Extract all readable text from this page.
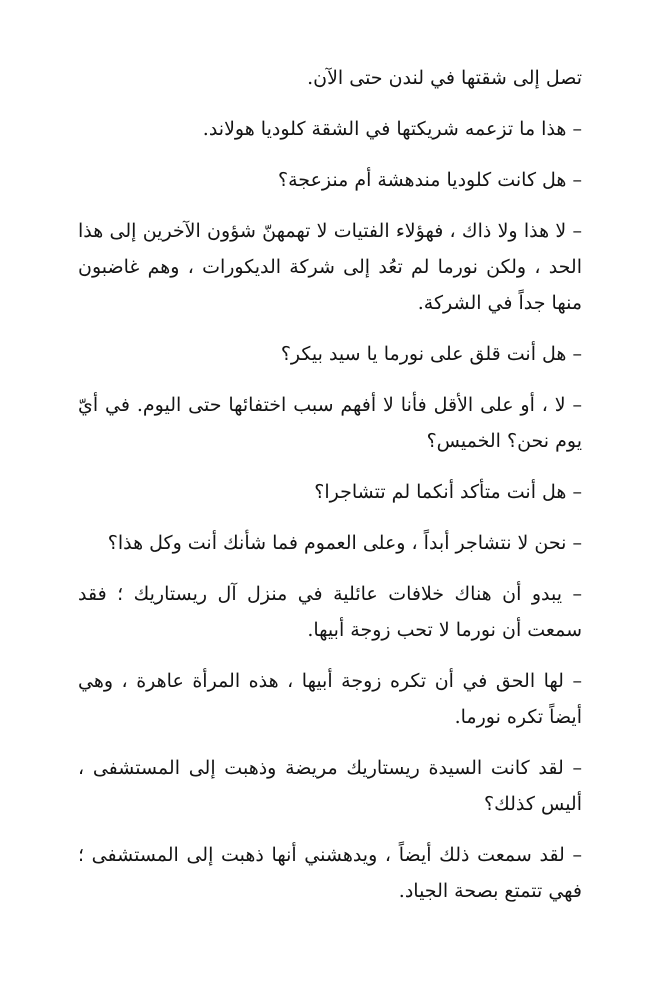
تصل إلى شقتها في لندن حتى الآن.

– هذا ما تزعمه شريكتها في الشقة كلوديا هولاند.

– هل كانت كلوديا مندهشة أم منزعجة؟

– لا هذا ولا ذاك ، فهؤلاء الفتيات لا تهمهنّ شؤون الآخرين إلى هذا الحد ، ولكن نورما لم تعُد إلى شركة الديكورات ، وهم غاضبون منها جداً في الشركة.

– هل أنت قلق على نورما يا سيد بيكر؟

– لا ، أو على الأقل فأنا لا أفهم سبب اختفائها حتى اليوم. في أيّ يوم نحن؟ الخميس؟

– هل أنت متأكد أنكما لم تتشاجرا؟

– نحن لا نتشاجر أبداً ، وعلى العموم فما شأنك أنت وكل هذا؟

– يبدو أن هناك خلافات عائلية في منزل آل ريستاريك ؛ فقد سمعت أن نورما لا تحب زوجة أبيها.

– لها الحق في أن تكره زوجة أبيها ، هذه المرأة عاهرة ، وهي أيضاً تكره نورما.

– لقد كانت السيدة ريستاريك مريضة وذهبت إلى المستشفى ، أليس كذلك؟

– لقد سمعت ذلك أيضاً ، ويدهشني أنها ذهبت إلى المستشفى ؛ فهي تتمتع بصحة الجياد.
